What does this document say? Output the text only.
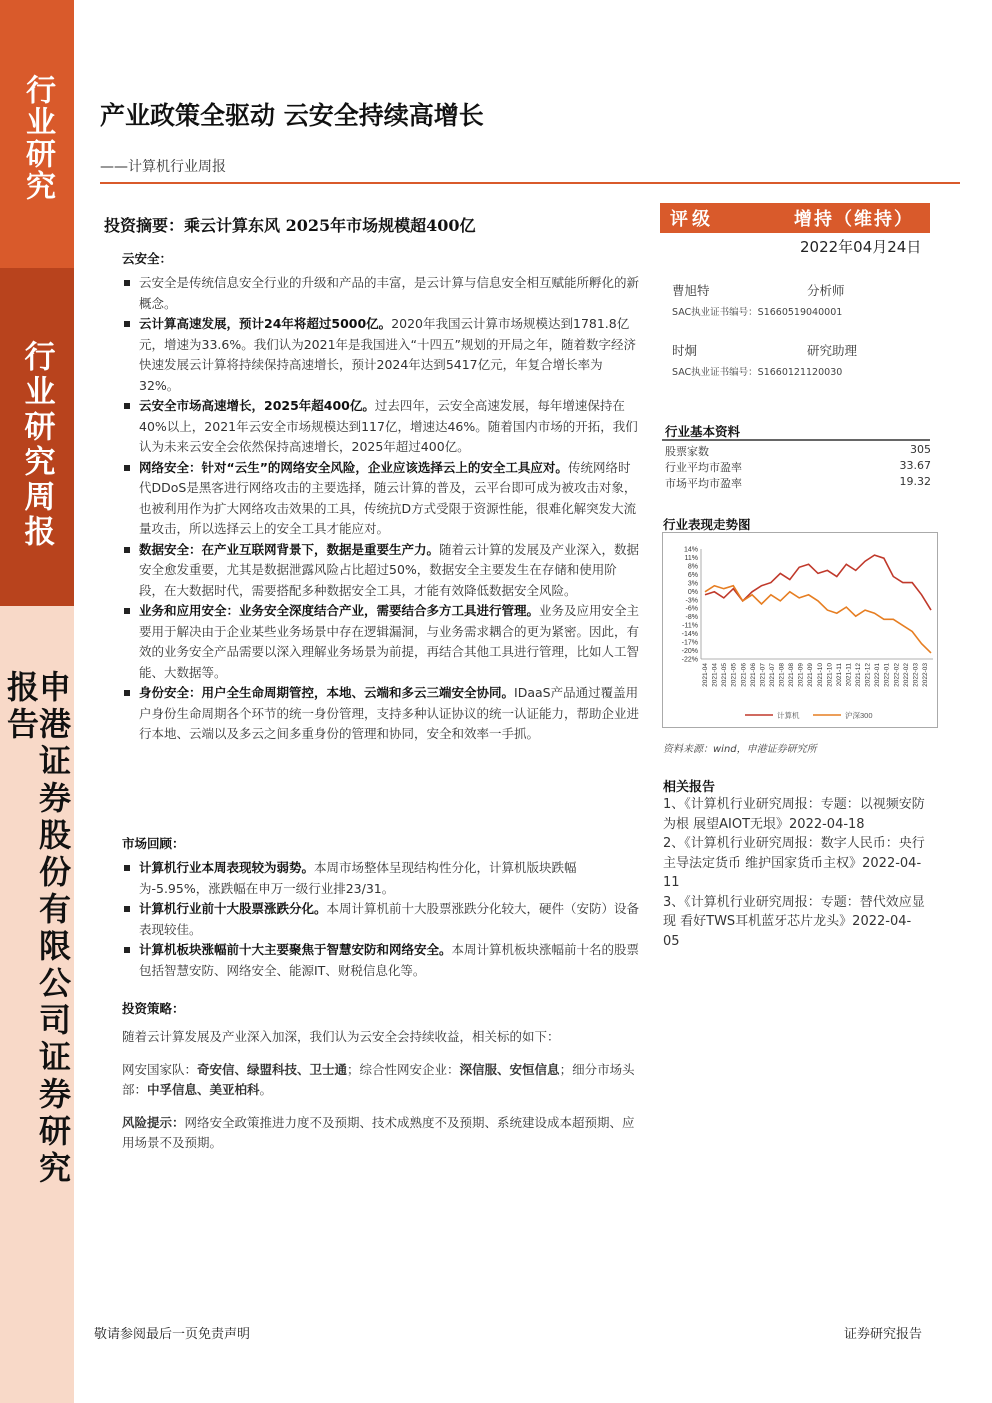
行业研究
行业研究周报
申港证券股份有限公司证券研究报告
产业政策全驱动 云安全持续高增长
——计算机行业周报
投资摘要：乘云计算东风 2025年市场规模超400亿
云安全：
云安全是传统信息安全行业的升级和产品的丰富，是云计算与信息安全相互赋能所孵化的新概念。
云计算高速发展，预计24年将超过5000亿。2020年我国云计算市场规模达到1781.8亿元，增速为33.6%。我们认为2021年是我国进入“十四五”规划的开局之年，随着数字经济快速发展云计算将持续保持高速增长，预计2024年达到5417亿元，年复合增长率为32%。
云安全市场高速增长，2025年超400亿。过去四年，云安全高速发展，每年增速保持在40%以上，2021年云安全市场规模达到117亿，增速达46%。随着国内市场的开拓，我们认为未来云安全会依然保持高速增长，2025年超过400亿。
网络安全：针对“云生”的网络安全风险，企业应该选择云上的安全工具应对。传统网络时代DDoS是黑客进行网络攻击的主要选择，随云计算的普及，云平台即可成为被攻击对象，也被利用作为扩大网络攻击效果的工具，传统抗D方式受限于资源性能，很难化解突发大流量攻击，所以选择云上的安全工具才能应对。
数据安全：在产业互联网背景下，数据是重要生产力。随着云计算的发展及产业深入，数据安全愈发重要，尤其是数据泄露风险占比超过50%，数据安全主要发生在存储和使用阶段，在大数据时代，需要搭配多种数据安全工具，才能有效降低数据安全风险。
业务和应用安全：业务安全深度结合产业，需要结合多方工具进行管理。业务及应用安全主要用于解决由于企业某些业务场景中存在逻辑漏洞，与业务需求耦合的更为紧密。因此，有效的业务安全产品需要以深入理解业务场景为前提，再结合其他工具进行管理，比如人工智能、大数据等。
身份安全：用户全生命周期管控，本地、云端和多云三端安全协同。IDaaS产品通过覆盖用户身份生命周期各个环节的统一身份管理，支持多种认证协议的统一认证能力，帮助企业进行本地、云端以及多云之间多重身份的管理和协同，安全和效率一手抓。
市场回顾：
计算机行业本周表现较为弱势。本周市场整体呈现结构性分化，计算机版块跌幅为-5.95%，涨跌幅在申万一级行业排23/31。
计算机行业前十大股票涨跌分化。本周计算机前十大股票涨跌分化较大，硬件（安防）设备表现较佳。
计算机板块涨幅前十大主要聚焦于智慧安防和网络安全。本周计算机板块涨幅前十名的股票包括智慧安防、网络安全、能源IT、财税信息化等。
投资策略：

随着云计算发展及产业深入加深，我们认为云安全会持续收益，相关标的如下：

网安国家队：奇安信、绿盟科技、卫士通；综合性网安企业：深信服、安恒信息；细分市场头部：中孚信息、美亚柏科。

风险提示：网络安全政策推进力度不及预期、技术成熟度不及预期、系统建设成本超预期、应用场景不及预期。

评级	增持（维持）
2022年04月24日
曹旭特	分析师
SAC执业证书编号：S1660519040001
时炯	研究助理
SAC执业证书编号：S1660121120030
行业基本资料
股票家数	305
行业平均市盈率	33.67
市场平均市盈率	19.32
行业表现走势图
14%
11%
8%
6%
3%
0%
-3%
-6%
-8%
-11%
-14%
-17%
-20%
-22%
2021-04 2021-04 2021-05 2021-05 2021-06 2021-06 2021-07 2021-07 2021-08 2021-08 2021-09 2021-09 2021-10 2021-10 2021-11 2021-11 2021-12 2021-12 2022-01 2022-01 2022-02 2022-02 2022-03 2022-03
计算机	沪深300
资料来源：wind，申港证券研究所
相关报告

1、《计算机行业研究周报：专题：以视频安防为根 展望AIOT无垠》2022-04-18

2、《计算机行业研究周报：数字人民币：央行主导法定货币 维护国家货币主权》2022-04-11

3、《计算机行业研究周报：专题：替代效应显现 看好TWS耳机蓝牙芯片龙头》2022-04-05

敬请参阅最后一页免责声明	证券研究报告
